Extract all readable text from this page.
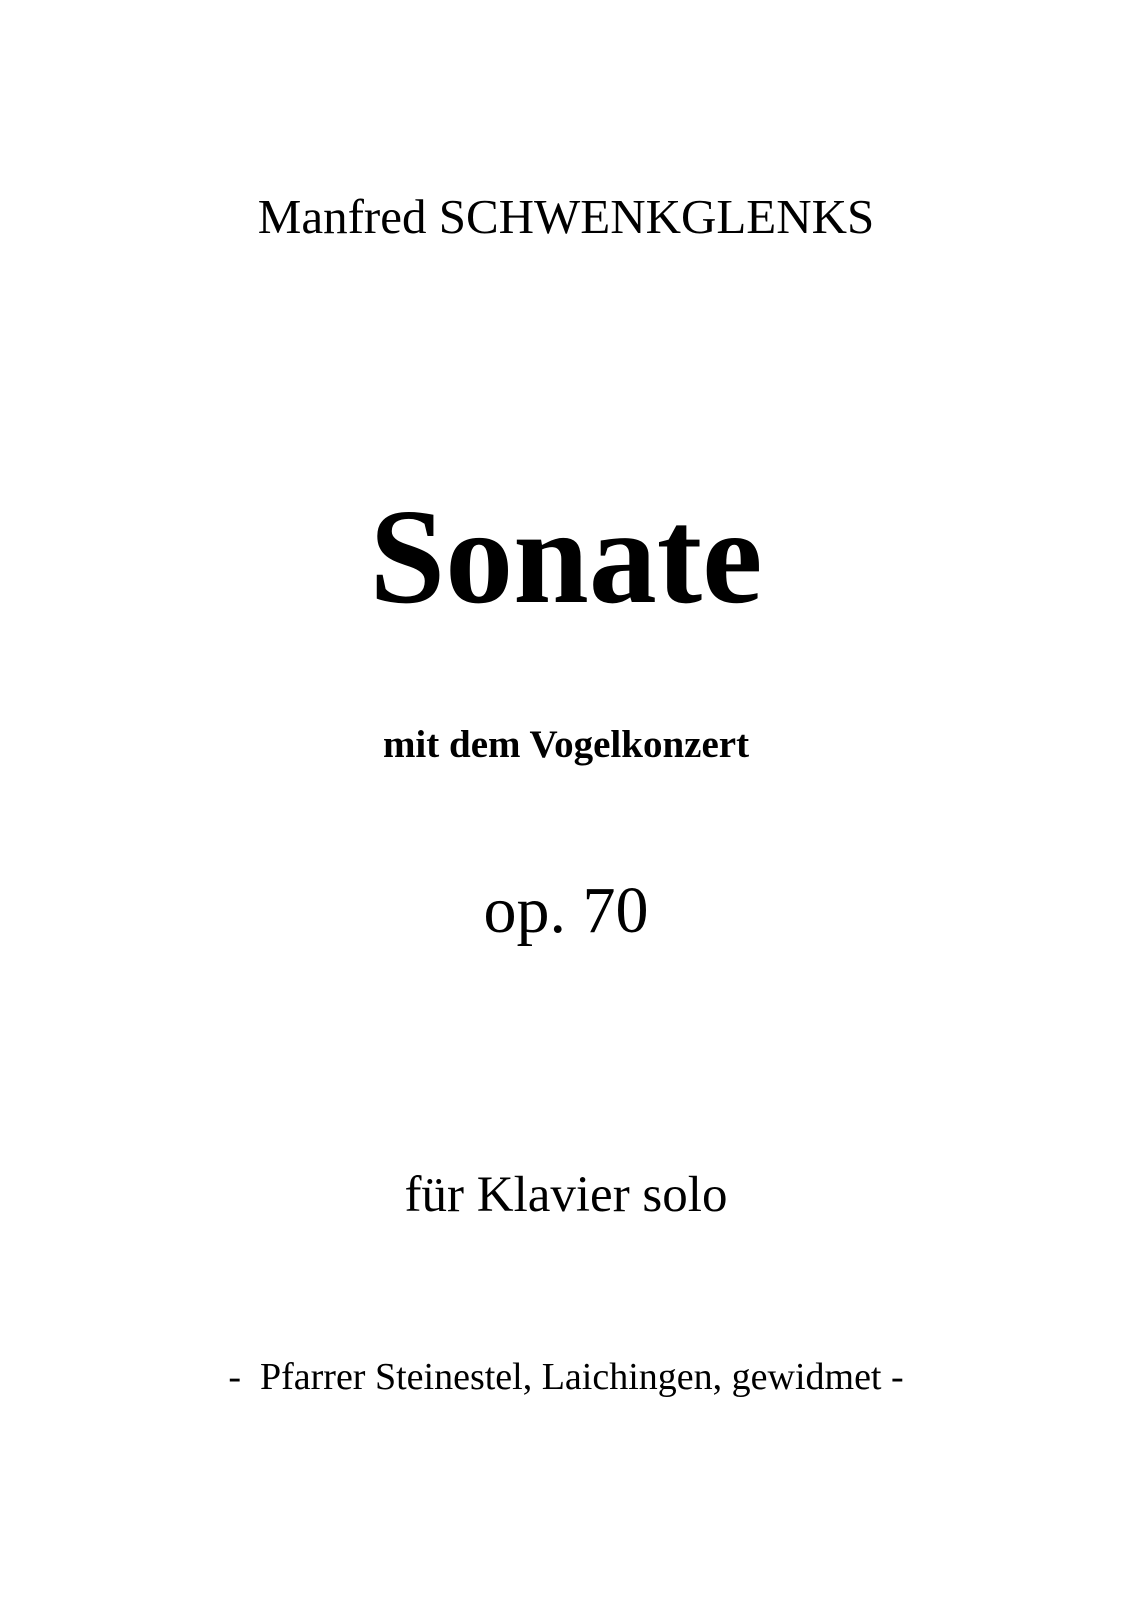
Manfred SCHWENKGLENKS
Sonate
mit dem Vogelkonzert
op. 70
für Klavier solo
-  Pfarrer Steinestel, Laichingen, gewidmet -
